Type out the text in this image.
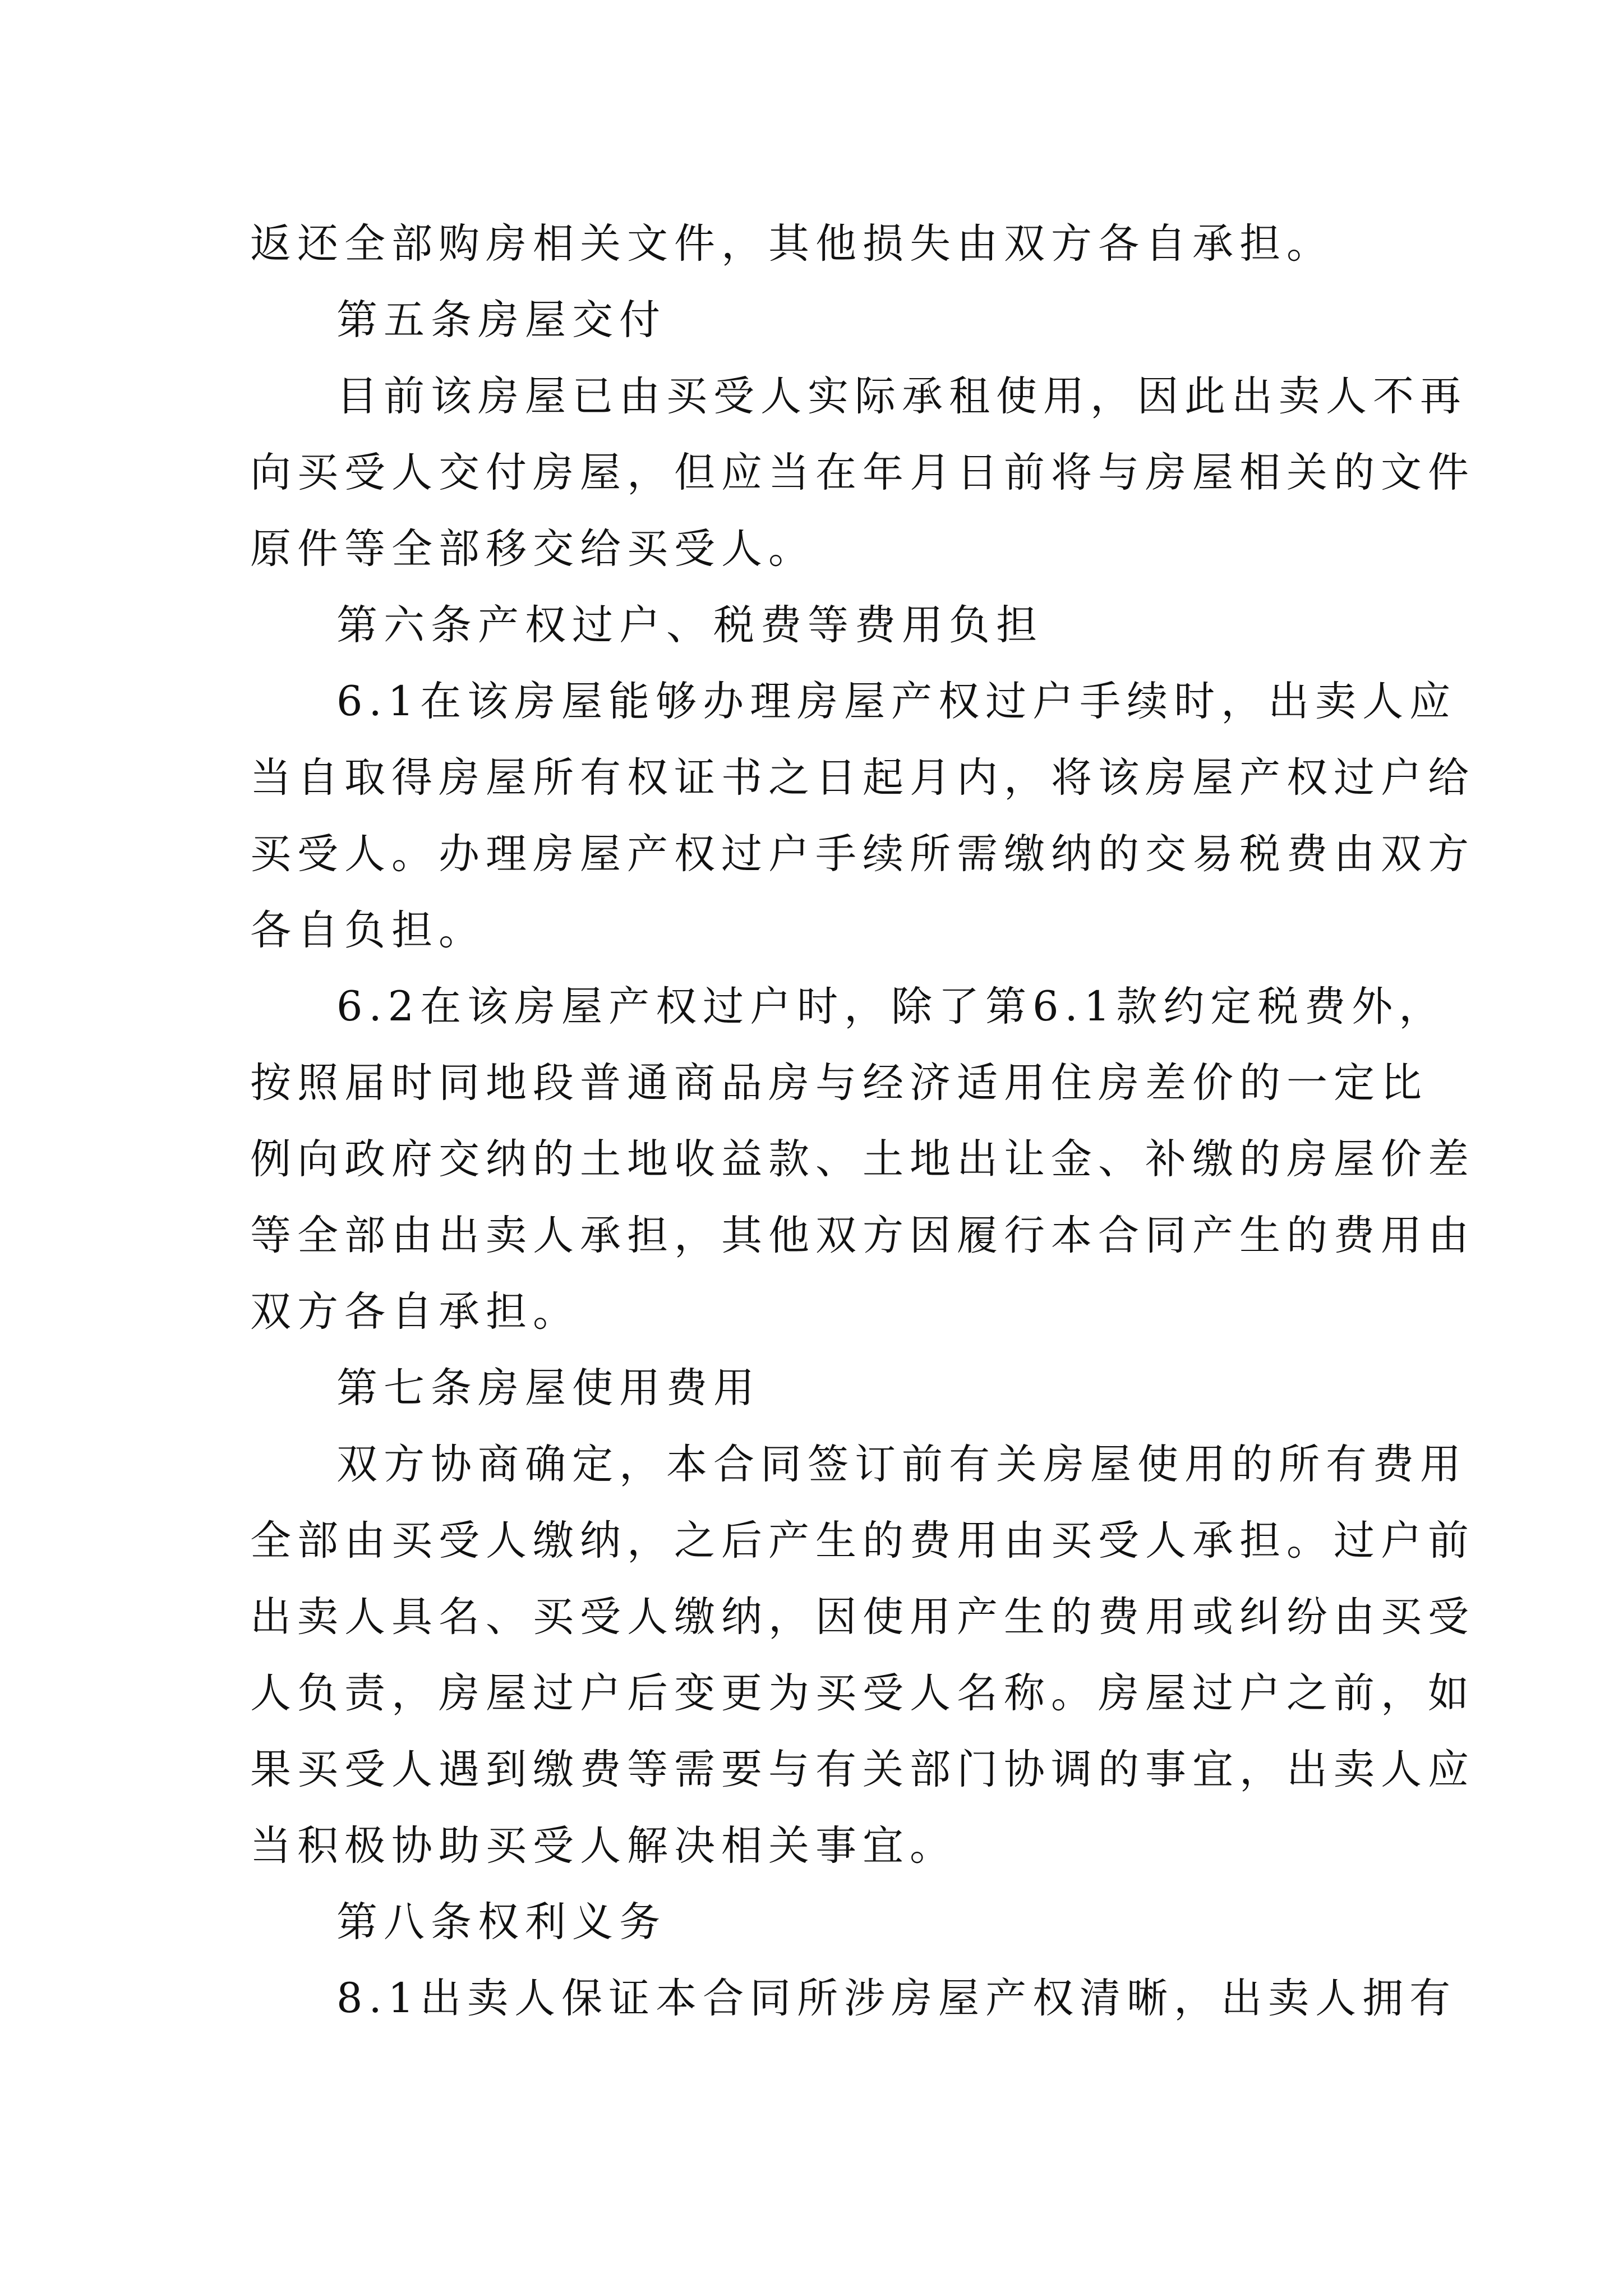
返还全部购房相关文件，其他损失由双方各自承担。
第五条房屋交付
目前该房屋已由买受人实际承租使用，因此出卖人不再
向买受人交付房屋，但应当在年月日前将与房屋相关的文件
原件等全部移交给买受人。
第六条产权过户、税费等费用负担
6.1在该房屋能够办理房屋产权过户手续时，出卖人应
当自取得房屋所有权证书之日起月内，将该房屋产权过户给
买受人。办理房屋产权过户手续所需缴纳的交易税费由双方
各自负担。
6.2在该房屋产权过户时，除了第6.1款约定税费外，
按照届时同地段普通商品房与经济适用住房差价的一定比
例向政府交纳的土地收益款、土地出让金、补缴的房屋价差
等全部由出卖人承担，其他双方因履行本合同产生的费用由
双方各自承担。
第七条房屋使用费用
双方协商确定，本合同签订前有关房屋使用的所有费用
全部由买受人缴纳，之后产生的费用由买受人承担。过户前
出卖人具名、买受人缴纳，因使用产生的费用或纠纷由买受
人负责，房屋过户后变更为买受人名称。房屋过户之前，如
果买受人遇到缴费等需要与有关部门协调的事宜，出卖人应
当积极协助买受人解决相关事宜。
第八条权利义务
8.1出卖人保证本合同所涉房屋产权清晰，出卖人拥有
